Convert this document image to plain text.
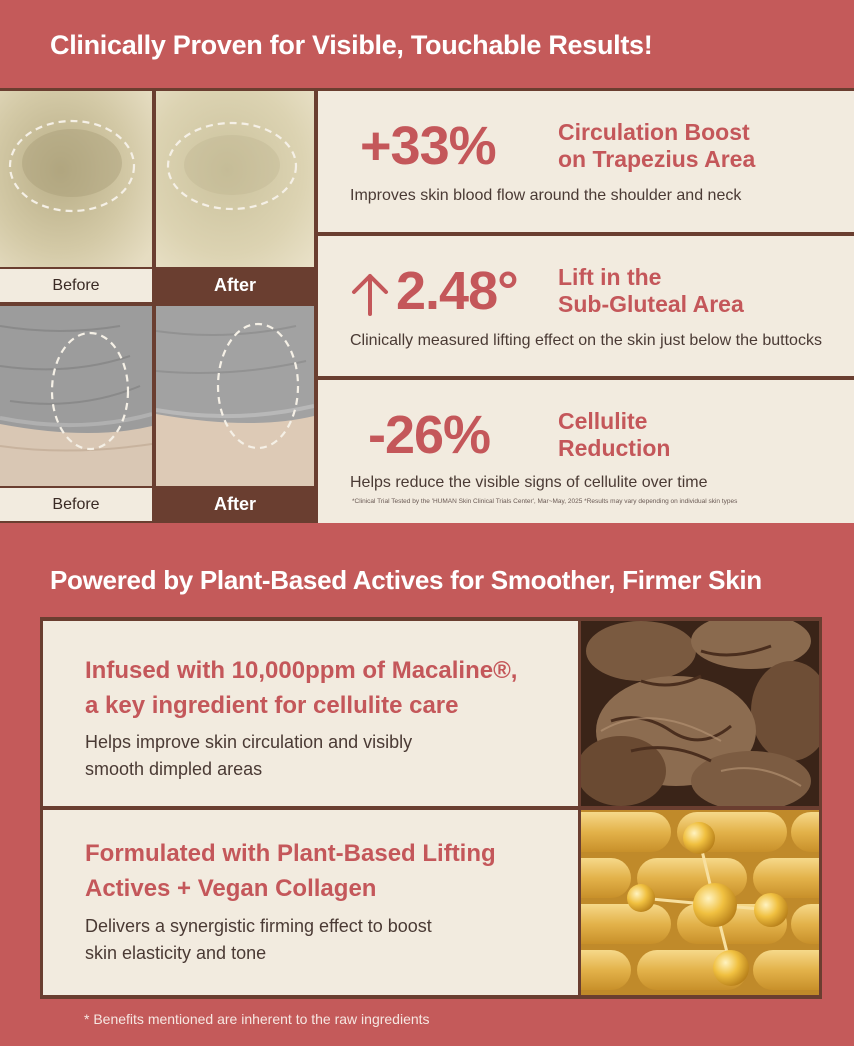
Clinically Proven for Visible, Touchable Results!
Before	After
Before	After
+33%	Circulation Boost
on Trapezius Area
Improves skin blood flow around the shoulder and neck
2.48° Lift in the
Sub-Gluteal Area
Clinically measured lifting effect on the skin just below the buttocks
-26%	Cellulite
Reduction
Helps reduce the visible signs of cellulite over time
*Clinical Trial Tested by the 'HUMAN Skin Clinical Trials Center', Mar~May, 2025 *Results may vary depending on individual skin types
Powered by Plant-Based Actives for Smoother, Firmer Skin
Infused with 10,000ppm of Macaline®,
a key ingredient for cellulite care
Helps improve skin circulation and visibly
smooth dimpled areas
Formulated with Plant-Based Lifting
Actives + Vegan Collagen
Delivers a synergistic firming effect to boost
skin elasticity and tone
* Benefits mentioned are inherent to the raw ingredients
